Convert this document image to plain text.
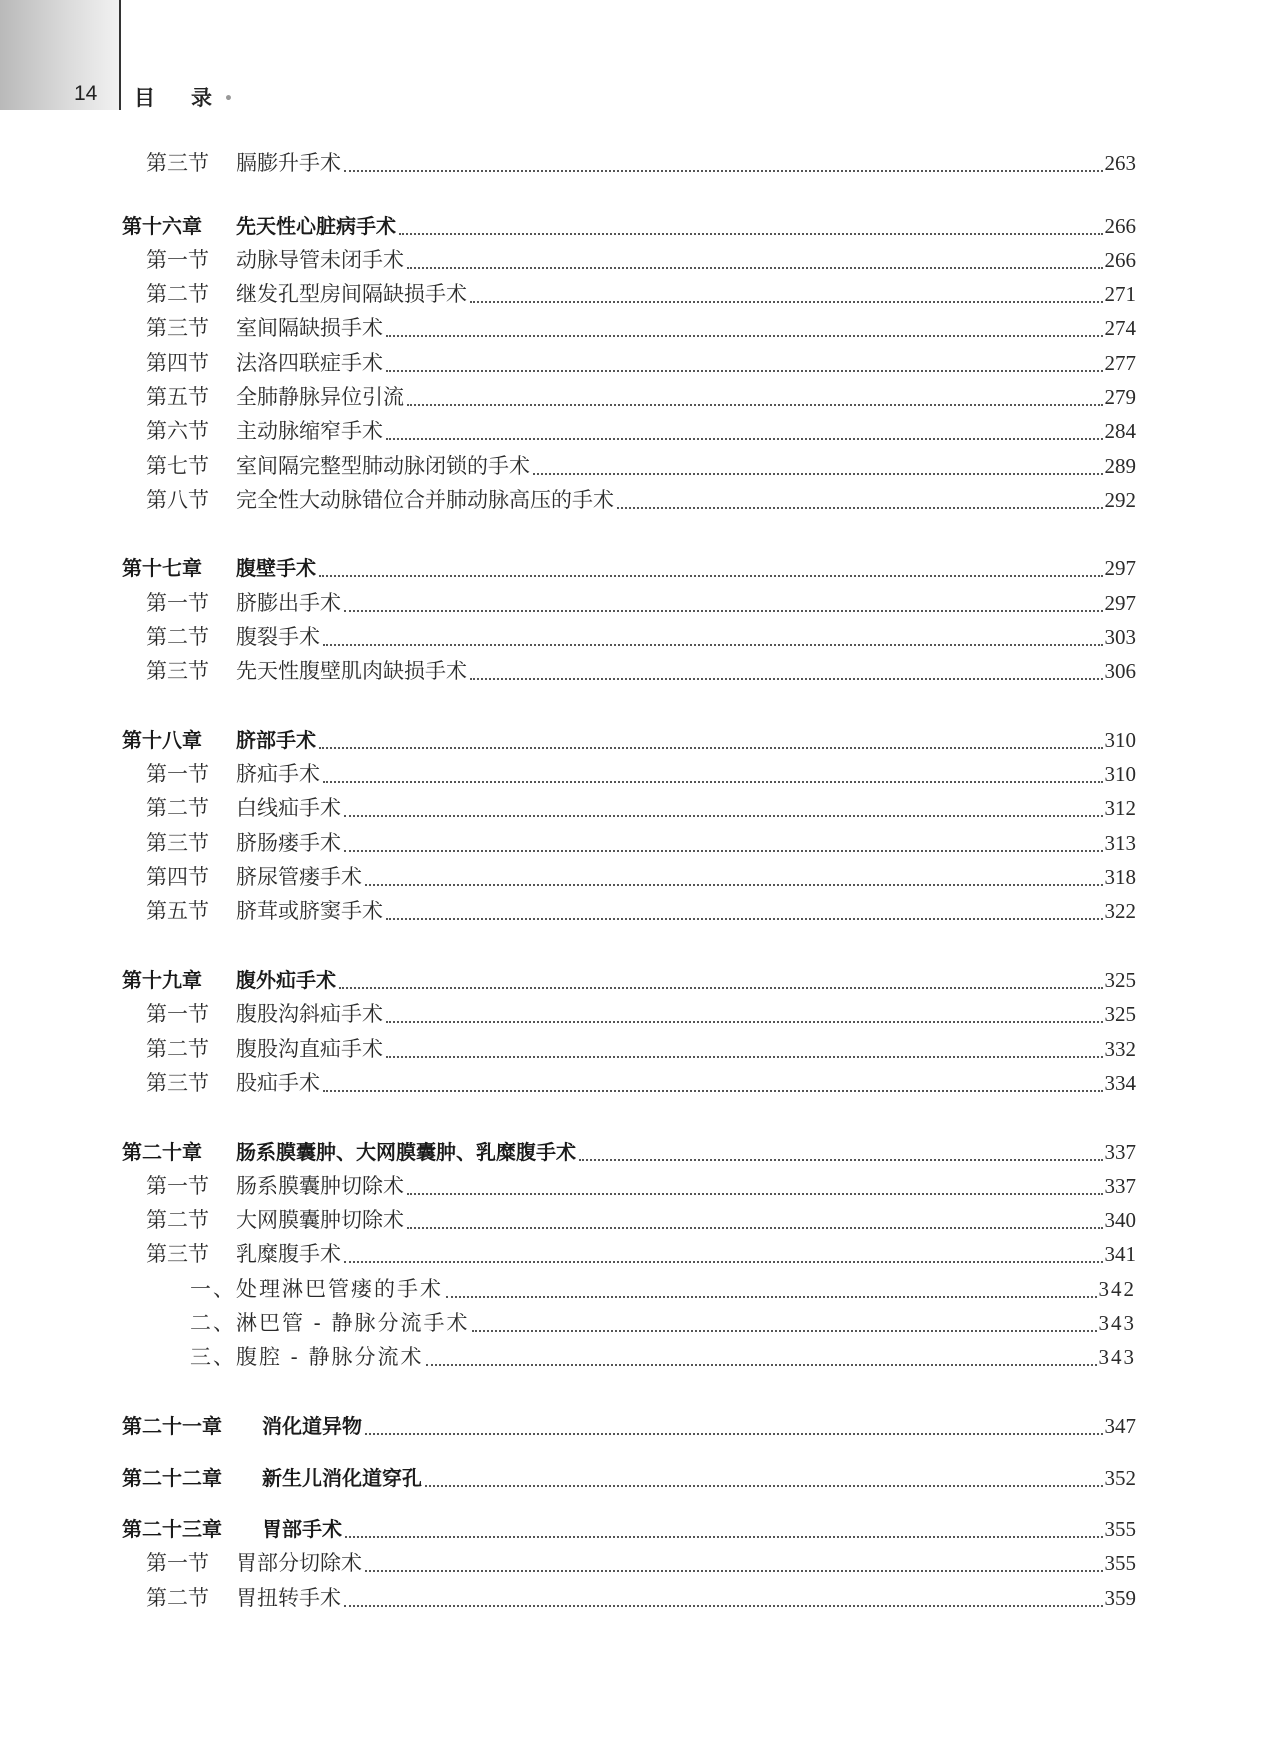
14 目 录 •
第三节	膈膨升手术	263
第十六章	先天性心脏病手术	266
第一节	动脉导管未闭手术	266
第二节	继发孔型房间隔缺损手术	271
第三节	室间隔缺损手术	274
第四节	法洛四联症手术	277
第五节	全肺静脉异位引流	279
第六节	主动脉缩窄手术	284
第七节	室间隔完整型肺动脉闭锁的手术	289
第八节	完全性大动脉错位合并肺动脉高压的手术	292
第十七章	腹壁手术	297
第一节	脐膨出手术	297
第二节	腹裂手术	303
第三节	先天性腹壁肌肉缺损手术	306
第十八章	脐部手术	310
第一节	脐疝手术	310
第二节	白线疝手术	312
第三节	脐肠瘘手术	313
第四节	脐尿管瘘手术	318
第五节	脐茸或脐窦手术	322
第十九章	腹外疝手术	325
第一节	腹股沟斜疝手术	325
第二节	腹股沟直疝手术	332
第三节	股疝手术	334
第二十章	肠系膜囊肿、大网膜囊肿、乳糜腹手术	337
第一节	肠系膜囊肿切除术	337
第二节	大网膜囊肿切除术	340
第三节	乳糜腹手术	341
一、 处理淋巴管瘘的手术	342
二、 淋巴管 - 静脉分流手术	343
三、 腹腔 - 静脉分流术	343
第二十一章	消化道异物	347
第二十二章	新生儿消化道穿孔	352
第二十三章	胃部手术	355
第一节	胃部分切除术	355
第二节	胃扭转手术	359
